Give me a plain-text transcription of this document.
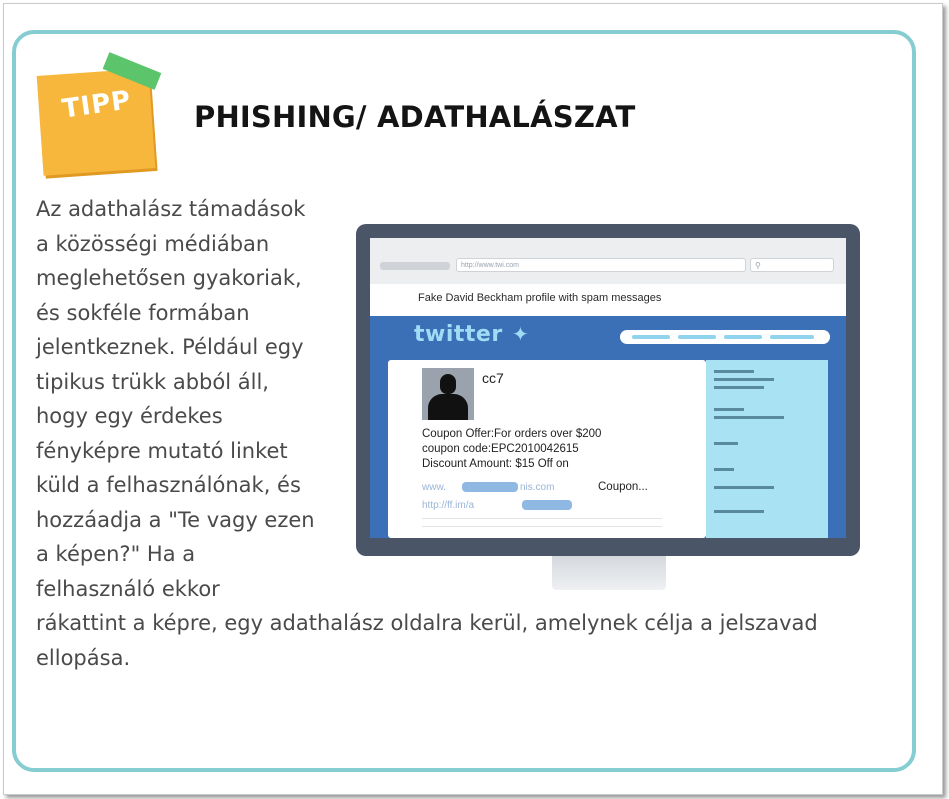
TIPP PHISHING/ ADATHALÁSZAT
Az adathalász támadások
a közösségi médiában
meglehetősen gyakoriak,
és sokféle formában
jelentkeznek. Például egy
tipikus trükk abból áll,
hogy egy érdekes
fényképre mutató linket
küld a felhasználónak, és
hozzáadja a "Te vagy ezen
a képen?" Ha a
felhasználó ekkor
rákattint a képre, egy adathalász oldalra kerül, amelynek célja a jelszavad
ellopása.
http://www.twi.com	⚲
Fake David Beckham profile with spam messages
twitter ✦
cc7
Coupon Offer:For orders over $200
coupon code:EPC2010042615
Discount Amount: $15 Off on
www.	nis.com	Coupon...
http://ff.im/a
